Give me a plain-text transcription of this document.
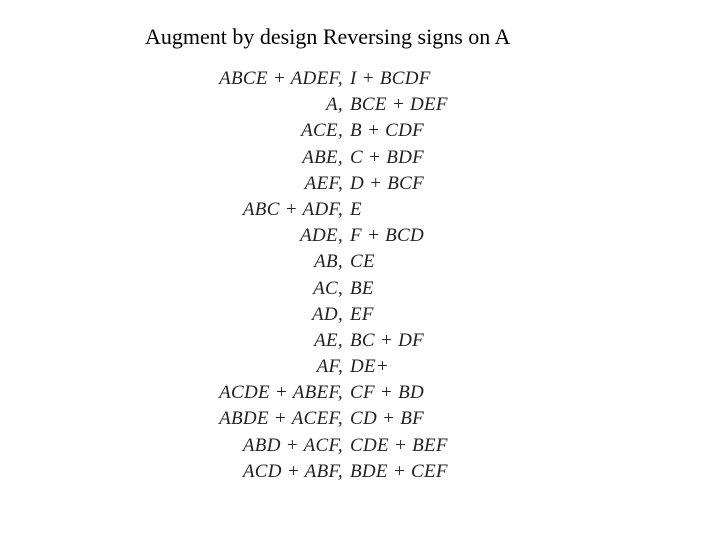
Augment by design Reversing signs on A
ABCE + ADEF, I + BCDF
A, BCE + DEF
ACE, B + CDF
ABE, C + BDF
AEF, D + BCF
ABC + ADF, E
ADE, F + BCD
AB, CE
AC, BE
AD, EF
AE, BC + DF
AF, DE+
ACDE + ABEF, CF + BD
ABDE + ACEF, CD + BF
ABD + ACF, CDE + BEF
ACD + ABF, BDE + CEF
